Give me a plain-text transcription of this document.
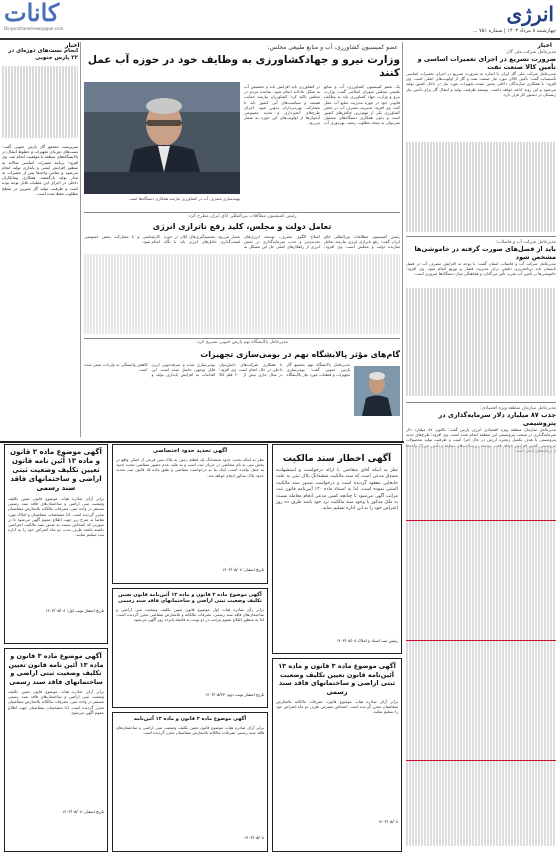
انرژی
چهارشنبه ۸ مرداد ۱۴۰۳ | شماره ۷۵۱ ...
کانات
Dinyar.khanetnewspaper.com
اخبار
اخبار
مدیرعامل شرکت ملی گاز:
ضرورت تسریع در اجرای تعمیرات اساسی و تأمین کالا صنعت نفت
مدیرعامل شرکت ملی گاز ایران با اشاره به ضرورت تسریع در اجرای تعمیرات اساسی تأسیسات گفت: تأمین کالای مورد نیاز صنعت نفت و گاز از اولویت‌های اصلی است. وی افزود: با همکاری سازندگان داخلی بخش عمده تجهیزات مورد نیاز در داخل کشور تولید می‌شود و این روند ادامه خواهد داشت. توسعه ظرفیت تولید و انتقال گاز برای تأمین نیاز زمستان در دستور کار قرار دارد.
مدیرعامل شرکت آب و فاضلاب:
باید از فصل‌های صورت گرفته در خاموشی‌ها مشخص شود
مدیرعامل شرکت آب و فاضلاب استان گفت: با توجه به افزایش مصرف آب در فصل تابستان باید برنامه‌ریزی دقیقی برای مدیریت فشار و توزیع انجام شود. وی افزود: خاموشی‌ها بر تأمین آب شرب تأثیر می‌گذارد و هماهنگی میان دستگاه‌ها ضروری است.
مدیرعامل سازمان منطقه ویژه اقتصادی:
جذب ۸۷ میلیارد دلار سرمایه‌گذاری در پتروشیمی
مدیرعامل سازمان منطقه ویژه اقتصادی انرژی پارس گفت: تاکنون ۸۷ میلیارد دلار سرمایه‌گذاری در صنعت پتروشیمی این منطقه انجام شده است. وی افزود: طرح‌های جدید پتروشیمی با هدف تکمیل زنجیره ارزش در حال اجرا است و ظرفیت تولید محصولات
عضو کمیسیون کشاورزی، آب و منابع طبیعی مجلس:
وزارت نیرو و جهادکشاورزی به وظایف خود در حوزه آب عمل کنند
بهینه‌سازی مصرف آب در کشاورزی نیازمند همکاری دستگاه‌ها است
یک عضو کمیسیون کشاورزی، آب و منابع طبیعی مجلس شورای اسلامی گفت: وزارت نیرو و وزارت جهاد کشاورزی باید به وظایف قانونی خود در حوزه مدیریت منابع آب عمل کنند. وی افزود: مدیریت مصرف آب در بخش کشاورزی یکی از مهم‌ترین چالش‌های کشور است و بدون همکاری دستگاه‌های مسئول نمی‌توان به نتیجه مطلوب رسید. بهره‌وری آب در کشاورزی باید افزایش یابد و تخصیص آب به شکل عادلانه انجام شود. نماینده مردم در مجلس تاکید کرد: کشاورزان نیازمند حمایت هستند و سیاست‌های آبی کشور باید با مشارکت بهره‌برداران تدوین شود. اجرای طرح‌های آبخیزداری و تغذیه مصنوعی آبخوان‌ها از اولویت‌های این حوزه به شمار می‌رود.
انجام تست‌های دوره‌ای در ۲۲ پارس جنوبی
سرپرست مجتمع گاز پارس جنوبی گفت: تست‌های دوره‌ای تجهیزات و خطوط انتقال در پالایشگاه‌های منطقه با موفقیت انجام شد. وی افزود: برنامه تعمیرات اساسی سالانه به منظور افزایش ایمنی و پایداری تولید انجام می‌شود و تمامی واحدها پس از تعمیرات به مدار تولید بازگشتند. همکاری پیمانکاران داخلی در اجرای این عملیات قابل توجه بوده است و ظرفیت تولید گاز شیرین در سطح مطلوب حفظ شده است.
رئیس کمیسیون مطالعات بین‌المللی اتاق ایران مطرح کرد:
تعامل دولت و مجلس، کلید رفع ناترازی انرژی
رئیس کمیسیون مطالعات بین‌المللی اتاق ایران گفت: رفع ناترازی انرژی نیازمند تعامل سازنده دولت و مجلس است. وی افزود: اصلاح الگوی مصرف، توسعه انرژی‌های تجدیدپذیر و جذب سرمایه‌گذاری در بخش انرژی از راهکارهای اصلی حل این مشکل به شمار می‌رود. تصمیم‌گیری‌های کلان در حوزه قیمت‌گذاری حامل‌های انرژی باید با نگاه کارشناسی و با مشارکت بخش خصوصی انجام شود.
مدیرعامل پالایشگاه نهم پارس جنوبی تشریح کرد:
گام‌های مؤثر پالایشگاه نهم در بومی‌سازی تجهیزات
مدیرعامل پالایشگاه نهم مجتمع گاز پارس جنوبی گفت: بومی‌سازی تجهیزات و قطعات مورد نیاز پالایشگاه با همکاری شرکت‌های دانش‌بنیان داخلی در حال انجام است. وی افزود: در سال جاری بیش از ۲۰۰ قلم کالا بومی‌سازی شده و صرفه‌جویی ارزی قابل توجهی حاصل شده است. این اقدامات به افزایش پایداری تولید و کاهش وابستگی به واردات منجر شده است.
آگهی موضوع ماده ۳ قانون و ماده ۱۳ آئین نامه قانون تعیین تکلیف وضعیت ثبتی اراضی و ساختمانهای فاقد سند رسمی
برابر آرای صادره هیات موضوع قانون تعیین تکلیف وضعیت ثبتی اراضی و ساختمان‌های فاقد سند رسمی مستقر در واحد ثبتی، تصرفات مالکانه بلامعارض متقاضیان محرز گردیده است. لذا مشخصات متقاضیان و املاک مورد تقاضا به شرح زیر جهت اطلاع عموم آگهی می‌شود تا در صورتی که اشخاص نسبت به صدور سند مالکیت اعتراضی داشته باشند ظرف مدت دو ماه اعتراض خود را به اداره ثبت تسلیم نمایند.
تاریخ انتشار نوبت اول: ۱۴۰۳/۰۵/۰۸
آگهی تحدید حدود اختصاصی
نظر به اینکه تحدید حدود ششدانگ یک قطعه زمین به پلاک ثبتی فرعی از اصلی واقع در بخش ثبتی به نام متقاضی در جریان ثبت است و به علت عدم حضور متقاضی تحدید حدود به عمل نیامده است، اینک بنا به درخواست متقاضی و طبق ماده ۱۵ قانون ثبت تحدید حدود پلاک مذکور انجام خواهد شد.
تاریخ انتشار: ۱۴۰۳/۰۵/۰۸
آگهی اخطار سند مالکیت
نظر به اینکه آقای متقاضی با ارائه درخواست و استشهادیه مصدق مدعی است که سند مالکیت ششدانگ پلاک ثبتی به علت جابجایی مفقود گردیده است و درخواست صدور سند مالکیت المثنی نموده است، لذا به استناد ماده ۱۲۰ آیین‌نامه قانون ثبت مراتب آگهی می‌شود تا چنانچه کسی مدعی انجام معامله نسبت به ملک مذکور یا وجود سند مالکیت نزد خود باشد ظرف ده روز اعتراض خود را به این اداره تسلیم نماید.
رئیس ثبت اسناد و املاک ۱۴۰۳/۰۵/۰۸
آگهی موضوع ماده ۳ قانون و ماده ۱۳ آئین‌نامه قانون تعیین تکلیف وضعیت ثبتی اراضی و ساختمانهای فاقد سند رسمی
برابر رأی صادره هیات اول موضوع قانون تعیین تکلیف وضعیت ثبتی اراضی و ساختمان‌های فاقد سند رسمی، تصرفات مالکانه و بلامعارض متقاضی محرز گردیده است. لذا به منظور اطلاع عموم مراتب در دو نوبت به فاصله پانزده روز آگهی می‌شود.
تاریخ انتشار نوبت دوم: ۱۴۰۳/۰۵/۲۳
آگهی موضوع ماده ۳ قانون و ماده ۱۳ آئین نامه قانون تعیین تکلیف وضعیت ثبتی اراضی و ساختمانهای فاقد سند رسمی
برابر آرای صادره هیات موضوع قانون تعیین تکلیف وضعیت ثبتی اراضی و ساختمان‌های فاقد سند رسمی مستقر در واحد ثبتی، تصرفات مالکانه بلامعارض متقاضیان محرز گردیده است. لذا مشخصات متقاضیان جهت اطلاع عموم آگهی می‌شود.
تاریخ انتشار: ۱۴۰۳/۰۵/۰۸
آگهی موضوع ماده ۳ قانون و ماده ۱۳ آئین‌نامه
برابر آرای صادره هیات موضوع قانون تعیین تکلیف وضعیت ثبتی اراضی و ساختمان‌های فاقد سند رسمی تصرفات مالکانه بلامعارض متقاضیان محرز گردیده است.
۱۴۰۳/۰۵/۰۸
آگهی موضوع ماده ۳ قانون و ماده ۱۳ آئین‌نامه قانون تعیین تکلیف وضعیت ثبتی اراضی و ساختمانهای فاقد سند رسمی
برابر آرای صادره هیات موضوع قانون، تصرفات مالکانه بلامعارض متقاضیان محرز گردیده است. اشخاص معترض ظرف دو ماه اعتراض خود را تسلیم نمایند.
۱۴۰۳/۰۵/۰۸
